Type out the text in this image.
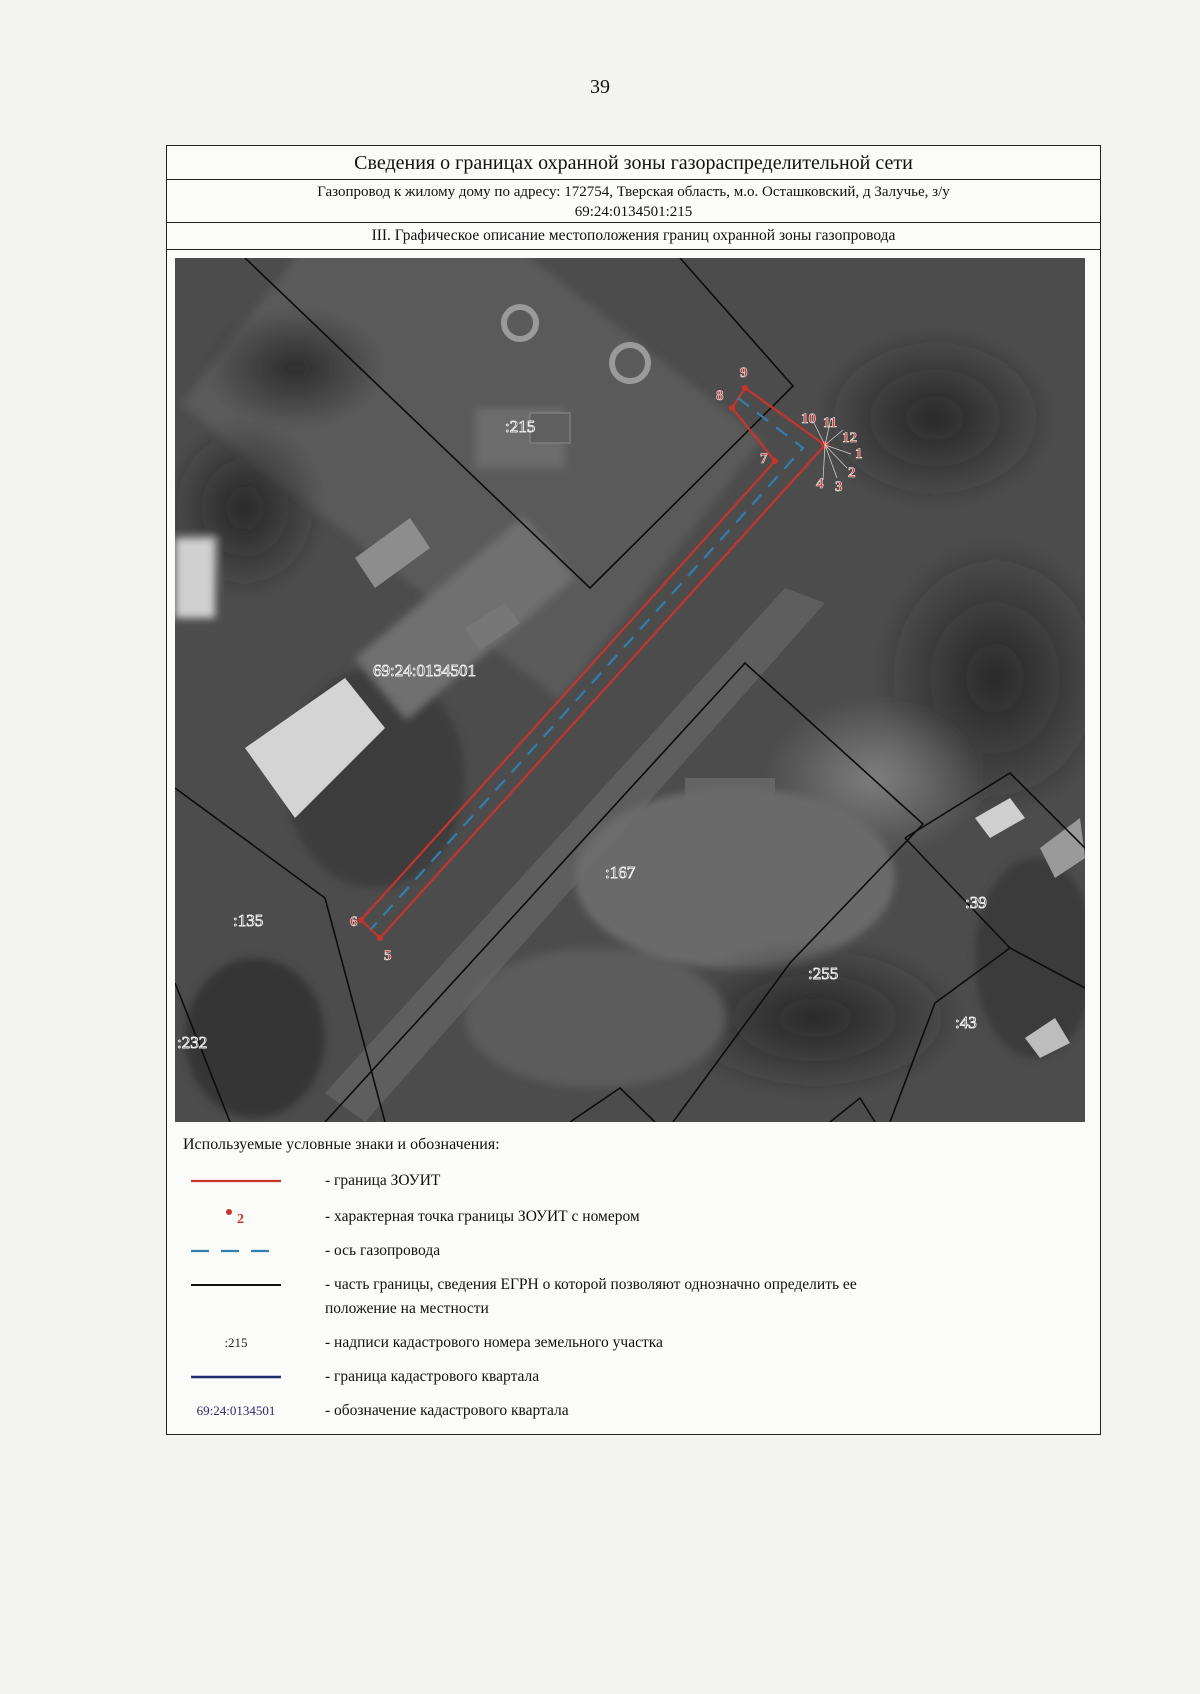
39
Сведения о границах охранной зоны газораспределительной сети
Газопровод к жилому дому по адресу: 172754, Тверская область, м.о. Осташковский, д Залучье, з/у
69:24:0134501:215
III. Графическое описание местоположения границ охранной зоны газопровода
1
2
3
4
5
6
7
8
9
10 11
12
:215
69:24:0134501
:167
:135
:232
:39
:255
:43
Используемые условные знаки и обозначения:
- граница ЗОУИТ
2	- характерная точка границы ЗОУИТ с номером
- ось газопровода
- часть границы, сведения ЕГРН о которой позволяют однозначно определить ее
положение на местности
:215	- надписи кадастрового номера земельного участка
- граница кадастрового квартала
69:24:0134501	- обозначение кадастрового квартала
